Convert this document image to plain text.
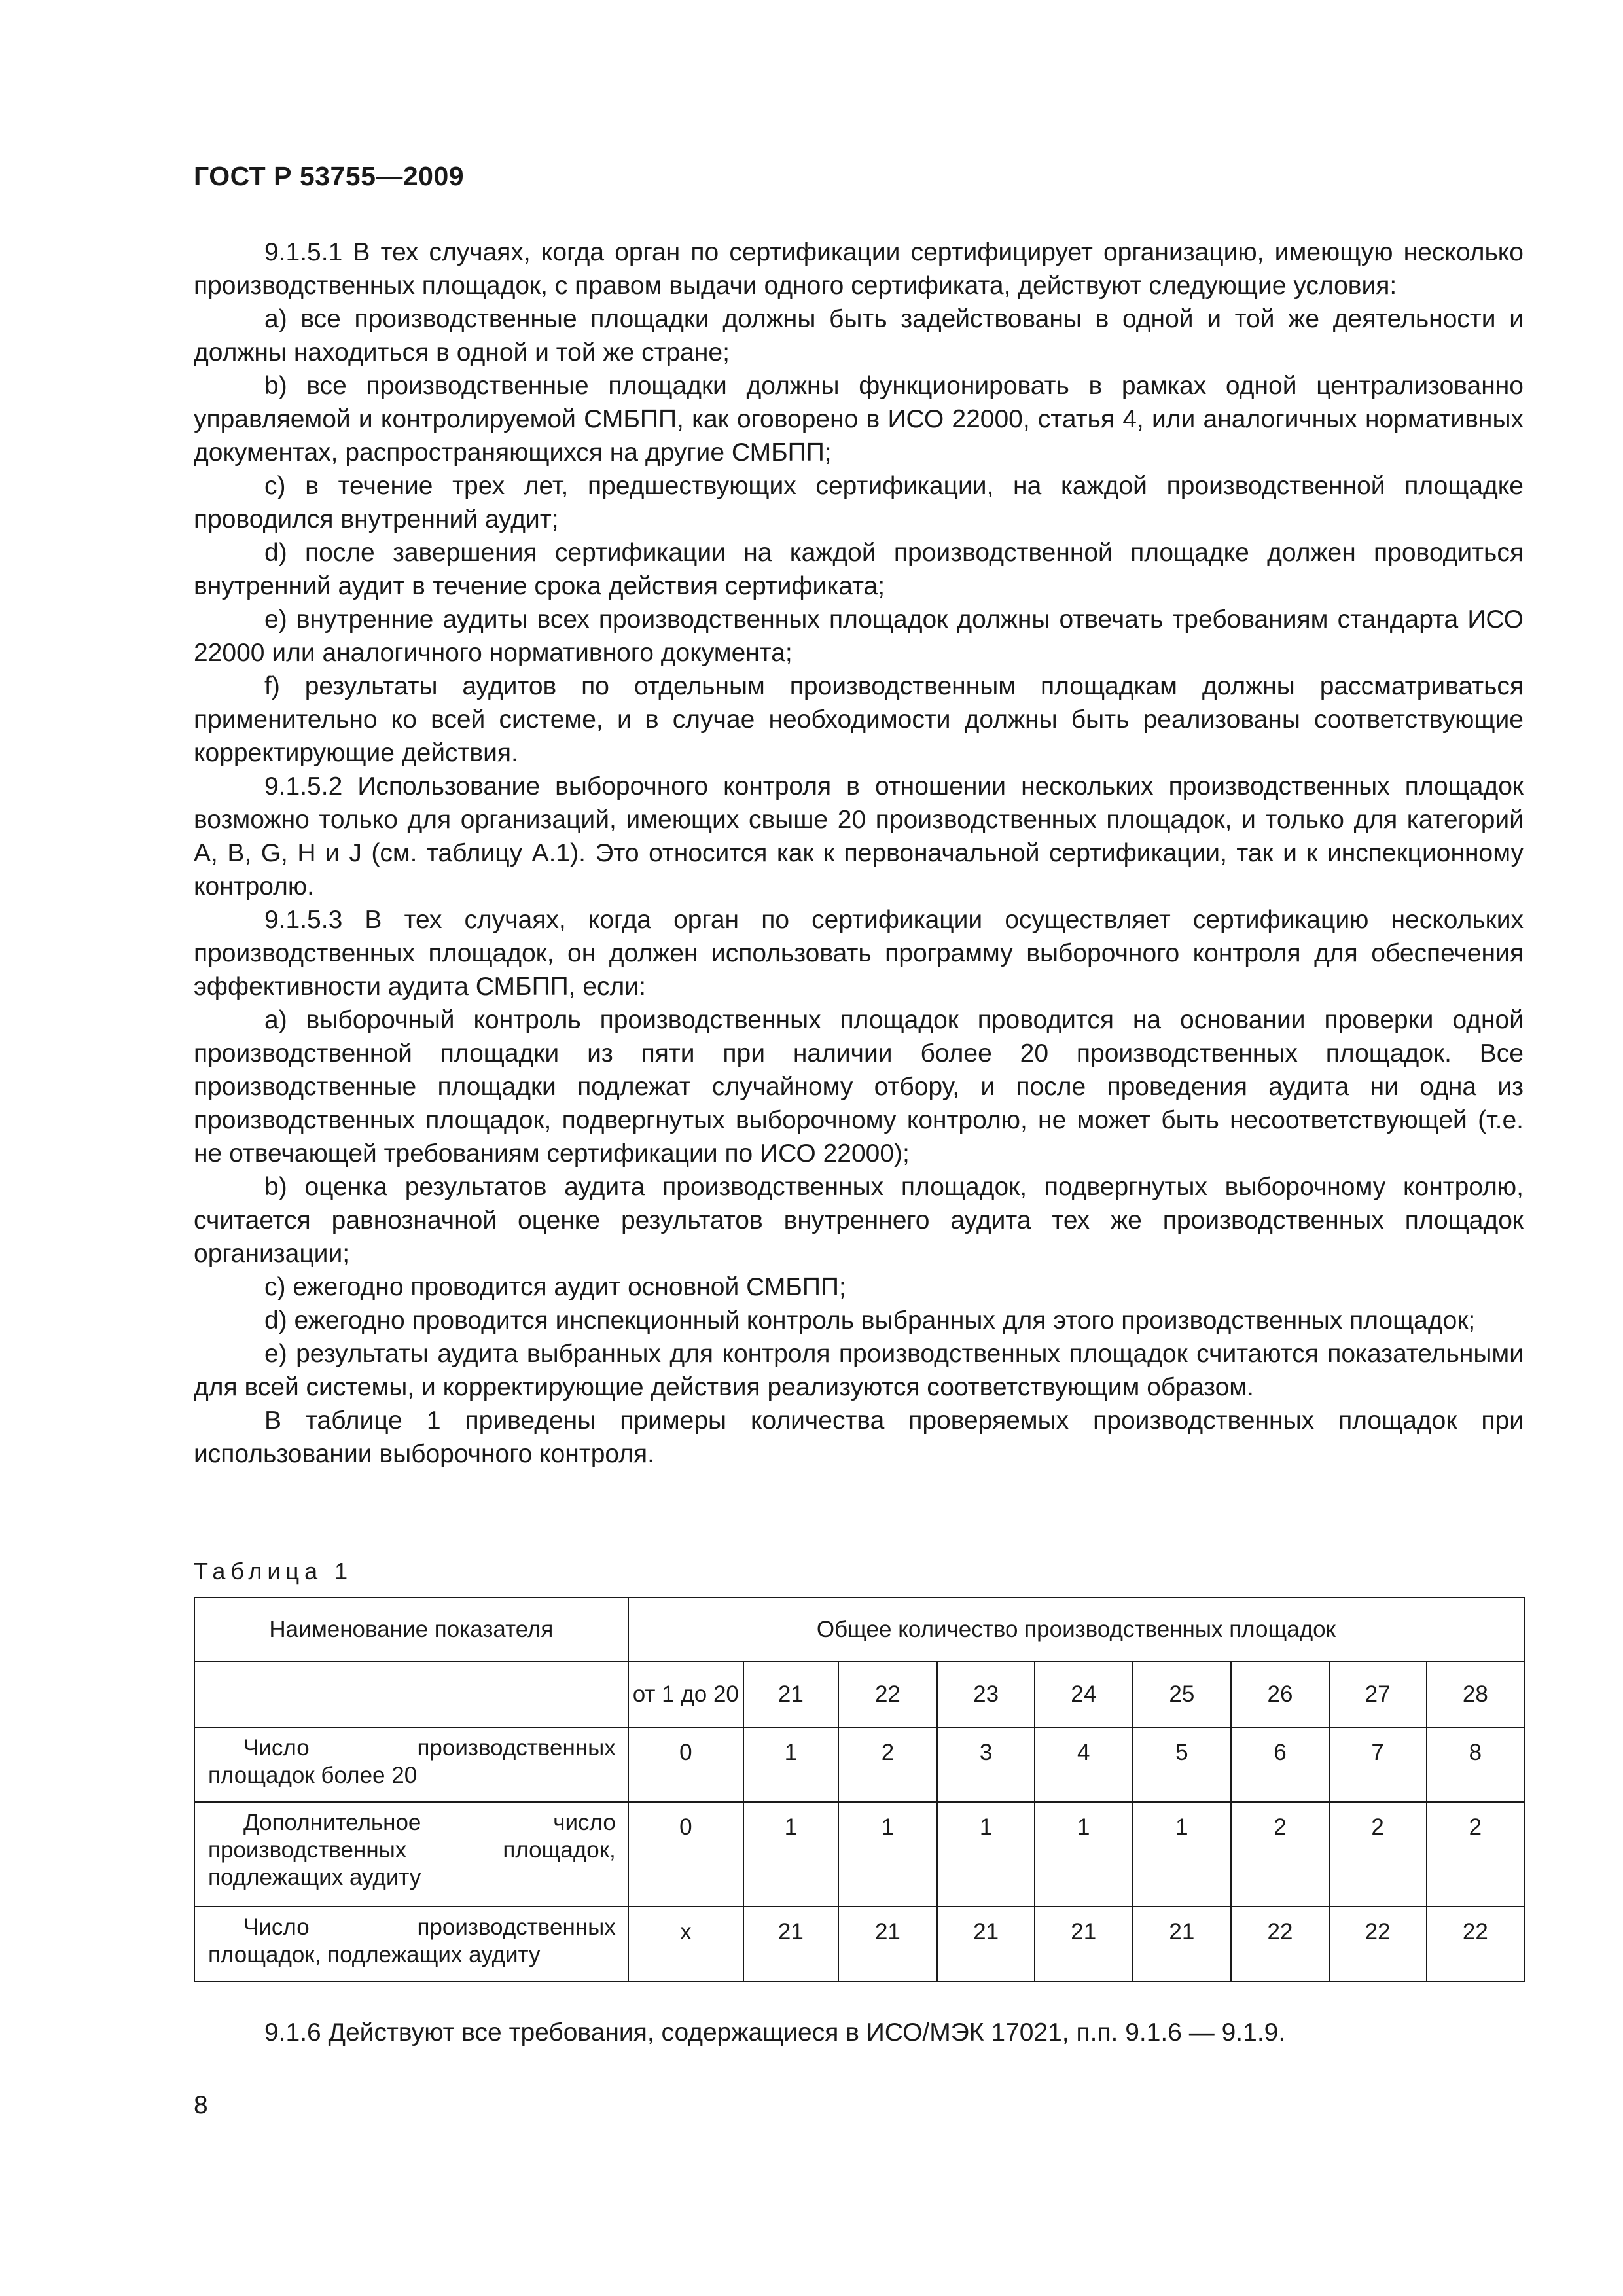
ГОСТ Р 53755—2009

9.1.5.1 В тех случаях, когда орган по сертификации сертифицирует организацию, имеющую несколько производственных площадок, с правом выдачи одного сертификата, действуют следующие условия:

a) все производственные площадки должны быть задействованы в одной и той же деятельности и должны находиться в одной и той же стране;

b) все производственные площадки должны функционировать в рамках одной централизованно управляемой и контролируемой СМБПП, как оговорено в ИСО 22000, статья 4, или аналогичных нормативных документах, распространяющихся на другие СМБПП;

c) в течение трех лет, предшествующих сертификации, на каждой производственной площадке проводился внутренний аудит;

d) после завершения сертификации на каждой производственной площадке должен проводиться внутренний аудит в течение срока действия сертификата;

e) внутренние аудиты всех производственных площадок должны отвечать требованиям стандарта ИСО 22000 или аналогичного нормативного документа;

f) результаты аудитов по отдельным производственным площадкам должны рассматриваться применительно ко всей системе, и в случае необходимости должны быть реализованы соответствующие корректирующие действия.

9.1.5.2 Использование выборочного контроля в отношении нескольких производственных площадок возможно только для организаций, имеющих свыше 20 производственных площадок, и только для категорий A, B, G, H и J (см. таблицу A.1). Это относится как к первоначальной сертификации, так и к инспекционному контролю.

9.1.5.3 В тех случаях, когда орган по сертификации осуществляет сертификацию нескольких производственных площадок, он должен использовать программу выборочного контроля для обеспечения эффективности аудита СМБПП, если:

a) выборочный контроль производственных площадок проводится на основании проверки одной производственной площадки из пяти при наличии более 20 производственных площадок. Все производственные площадки подлежат случайному отбору, и после проведения аудита ни одна из производственных площадок, подвергнутых выборочному контролю, не может быть несоответствующей (т.е. не отвечающей требованиям сертификации по ИСО 22000);

b) оценка результатов аудита производственных площадок, подвергнутых выборочному контролю, считается равнозначной оценке результатов внутреннего аудита тех же производственных площадок организации;

c) ежегодно проводится аудит основной СМБПП;

d) ежегодно проводится инспекционный контроль выбранных для этого производственных площадок;

e) результаты аудита выбранных для контроля производственных площадок считаются показательными для всей системы, и корректирующие действия реализуются соответствующим образом.

В таблице 1 приведены примеры количества проверяемых производственных площадок при использовании выборочного контроля.

Таблица 1
Наименование показателя	Общее количество производственных площадок								
	от 1 до 20	21	22	23	24	25	26	27	28

Число производственных площадок более 20	0	1	2	3	4	5	6	7	8

Дополнительное число производственных площадок, подлежащих аудиту	0	1	1	1	1	1	2	2	2

Число производственных площадок, подлежащих аудиту	х	21	21	21	21	21	22	22	22

9.1.6 Действуют все требования, содержащиеся в ИСО/МЭК 17021, п.п. 9.1.6 — 9.1.9.

8
